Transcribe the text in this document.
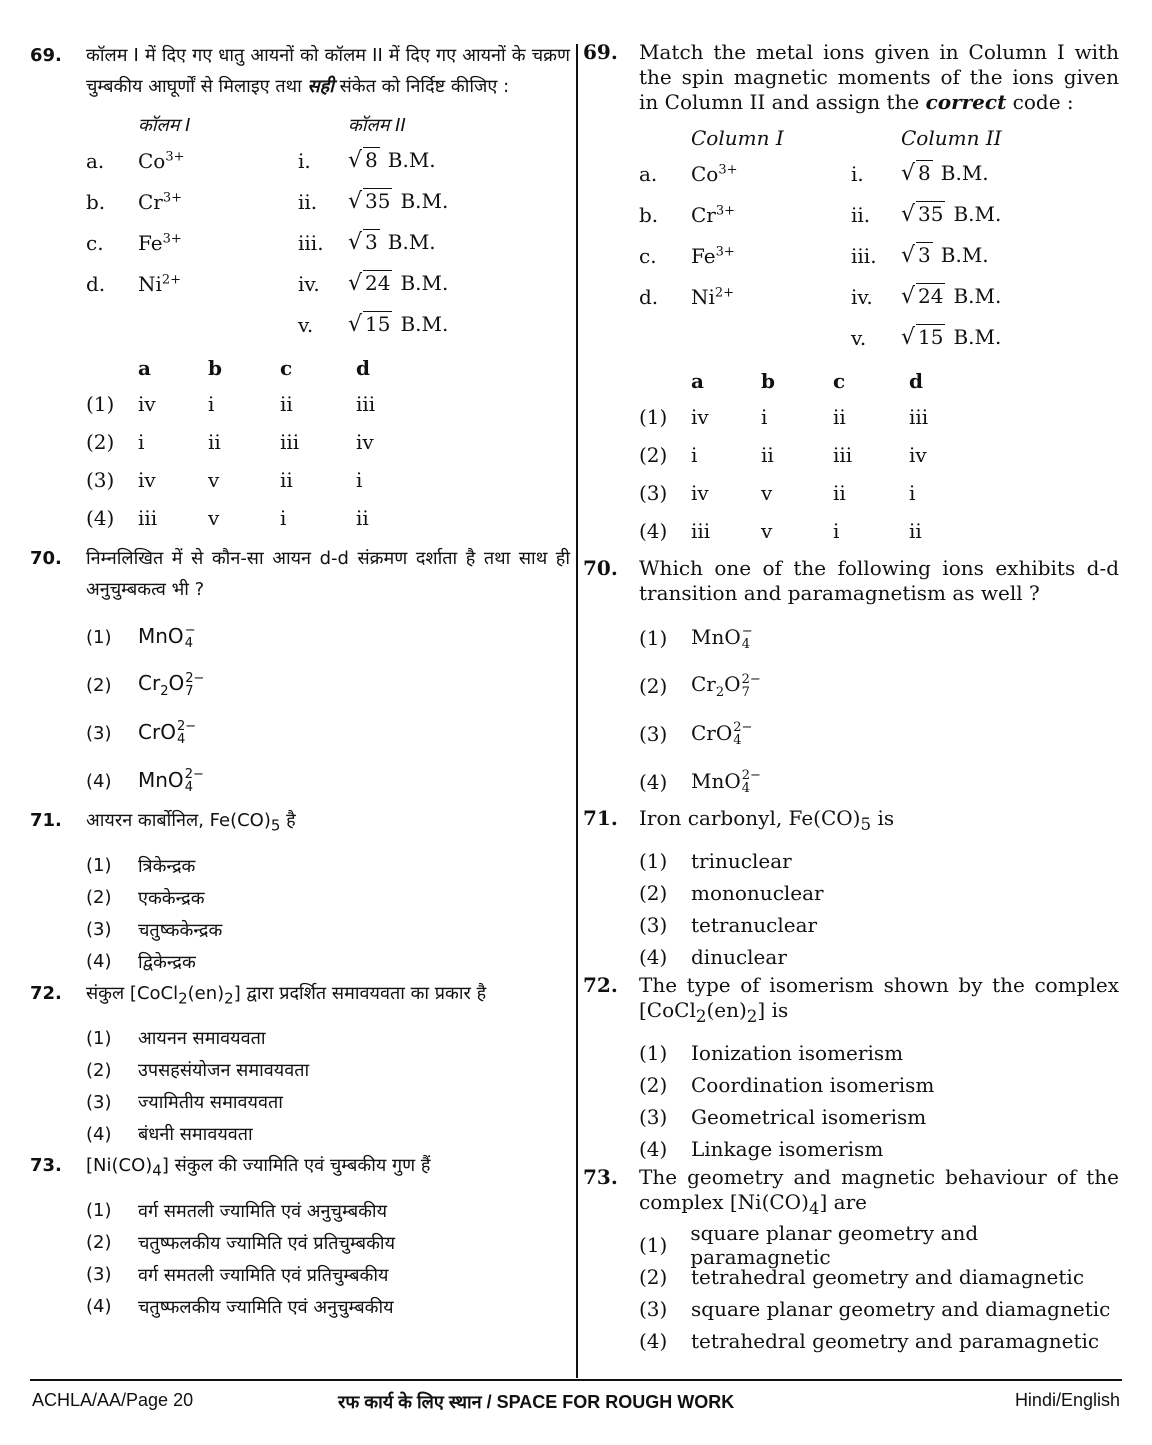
69.	कॉलम I में दिए गए धातु आयनों को कॉलम II में दिए गए आयनों के चक्रण चुम्बकीय आघूर्णों से मिलाइए तथा सही संकेत को निर्दिष्ट कीजिए :
कॉलम I	कॉलम II
a.	$Co^{3+}$	i.	√ 8 B.M.
b.	$Cr^{3+}$	ii.	√ 35 B.M.
c.	$Fe^{3+}$	iii.	√ 3 B.M.
d.	$Ni^{2+}$	iv.	√ 24 B.M.
v.	√ 15 B.M.
a	b	c	d
(1)	iv	i	ii	iii
(2)	i	ii	iii	iv
(3)	iv	v	ii	i
(4)	iii	v	i	ii
70.	निम्नलिखित में से कौन-सा आयन d-d संक्रमण दर्शाता है तथा साथ ही अनुचुम्बकत्व भी ?
(1)	MnO −
4
(2)	$Cr_2O$ 2−
7
(3)	CrO 2−
4
(4)	MnO 2−
4
71.	आयरन कार्बोनिल, $Fe(CO)_5$ है
(1)	त्रिकेन्द्रक
(2)	एककेन्द्रक
(3)	चतुष्ककेन्द्रक
(4)	द्विकेन्द्रक
72.	संकुल $[CoCl_2(en)_2]$ द्वारा प्रदर्शित समावयवता का प्रकार है
(1)	आयनन समावयवता
(2)	उपसहसंयोजन समावयवता
(3)	ज्यामितीय समावयवता
(4)	बंधनी समावयवता
73.	$[Ni(CO)_4]$ संकुल की ज्यामिति एवं चुम्बकीय गुण हैं
(1)	वर्ग समतली ज्यामिति एवं अनुचुम्बकीय
(2)	चतुष्फलकीय ज्यामिति एवं प्रतिचुम्बकीय
(3)	वर्ग समतली ज्यामिति एवं प्रतिचुम्बकीय
(4)	चतुष्फलकीय ज्यामिति एवं अनुचुम्बकीय
69.	Match the metal ions given in Column I with the spin magnetic moments of the ions given in Column II and assign the correct code :
Column I	Column II
a.	$Co^{3+}$	i.	√ 8 B.M.
b.	$Cr^{3+}$	ii.	√ 35 B.M.
c.	$Fe^{3+}$	iii.	√ 3 B.M.
d.	$Ni^{2+}$	iv.	√ 24 B.M.
v.	√ 15 B.M.
a	b	c	d
(1)	iv	i	ii	iii
(2)	i	ii	iii	iv
(3)	iv	v	ii	i
(4)	iii	v	i	ii
70.	Which one of the following ions exhibits d-d transition and paramagnetism as well ?
(1)	MnO −
4
(2)	$Cr_2O$ 2−
7
(3)	CrO 2−
4
(4)	MnO 2−
4
71.	Iron carbonyl, $Fe(CO)_5$ is
(1)	trinuclear
(2)	mononuclear
(3)	tetranuclear
(4)	dinuclear
72.	The type of isomerism shown by the complex $[CoCl_2(en)_2]$ is
(1)	Ionization isomerism
(2)	Coordination isomerism
(3)	Geometrical isomerism
(4)	Linkage isomerism
73.	The geometry and magnetic behaviour of the complex $[Ni(CO)_4]$ are
(1)	square planar geometry and paramagnetic
(2)	tetrahedral geometry and diamagnetic
(3)	square planar geometry and diamagnetic
(4)	tetrahedral geometry and paramagnetic
ACHLA/AA/Page 20	रफ कार्य के लिए स्थान / SPACE FOR ROUGH WORK	Hindi/English
